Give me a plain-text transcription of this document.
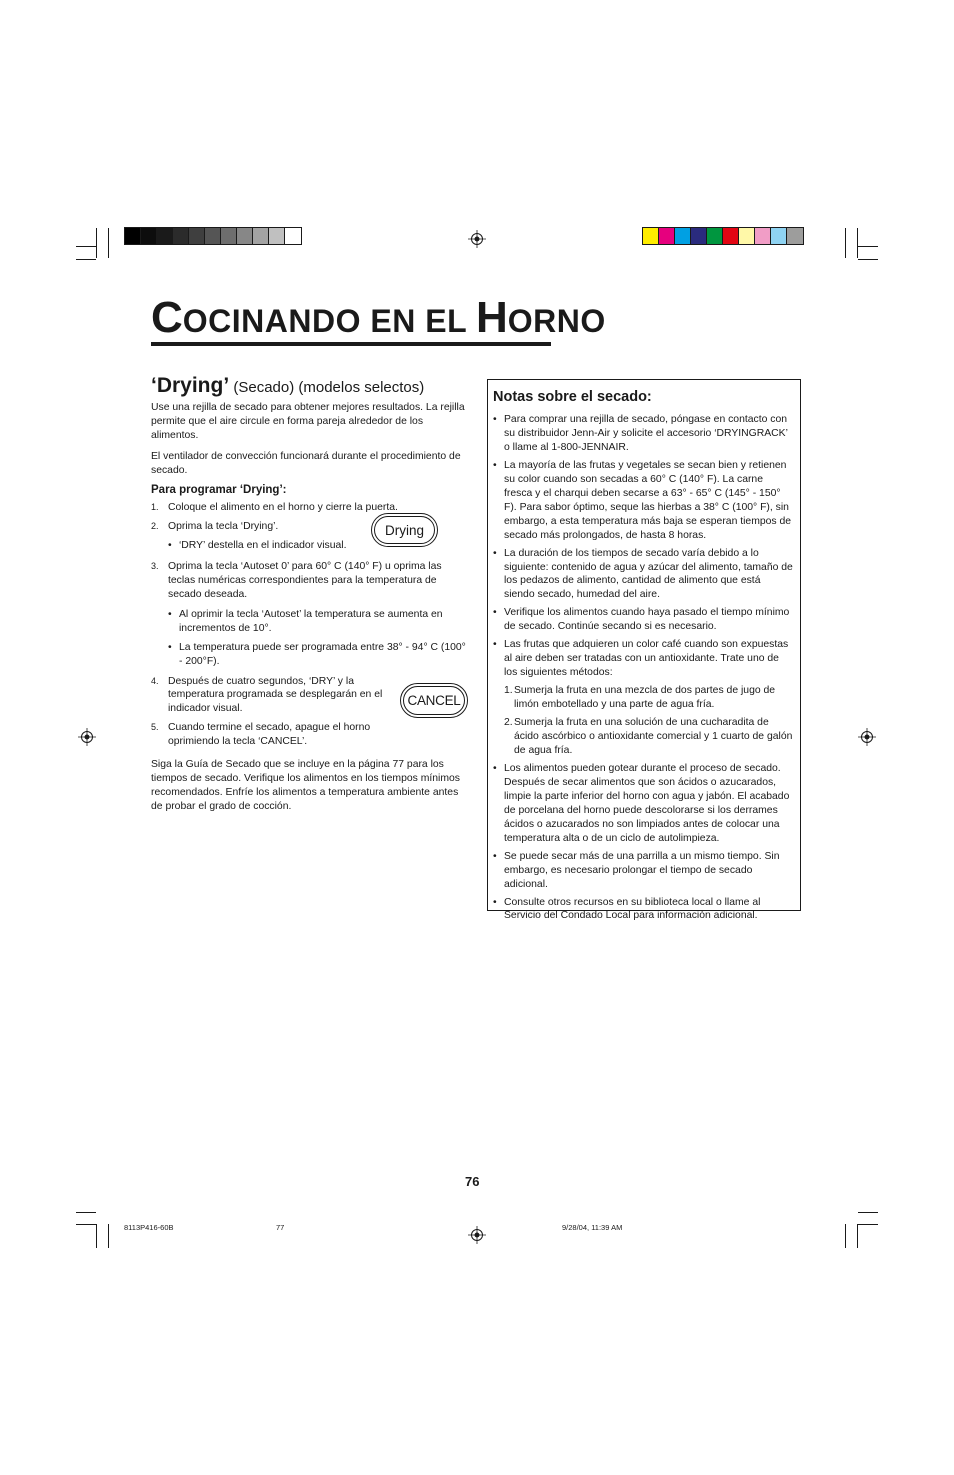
COCINANDO EN EL HORNO
‘Drying’ (Secado) (modelos selectos)

Use una rejilla de secado para obtener mejores resultados. La rejilla permite que el aire circule en forma pareja alrededor de los alimentos.

El ventilador de convección funcionará durante el procedimiento de secado.

Para programar ‘Drying’:
1. Coloque el alimento en el horno y cierre la puerta.
2. Oprima la tecla ‘Drying’.
• ‘DRY’ destella en el indicador visual.
3. Oprima la tecla ‘Autoset 0’ para 60° C (140° F) u oprima las teclas numéricas correspondientes para la temperatura de secado deseada.
• Al oprimir la tecla ‘Autoset’ la temperatura se aumenta en incrementos de 10°.
• La temperatura puede ser programada entre 38° - 94° C (100° - 200°F).
4. Después de cuatro segundos, ‘DRY’ y la temperatura programada se desplegarán en el indicador visual.
5. Cuando termine el secado, apague el horno oprimiendo la tecla ‘CANCEL’.

Siga la Guía de Secado que se incluye en la página 77 para los tiempos de secado. Verifique los alimentos en los tiempos mínimos recomendados. Enfríe los alimentos a temperatura ambiente antes de probar el grado de cocción.

Drying
CANCEL
Notas sobre el secado:
• Para comprar una rejilla de secado, póngase en contacto con su distribuidor Jenn-Air y solicite el accesorio ‘DRYINGRACK’ o llame al 1-800-JENNAIR.
• La mayoría de las frutas y vegetales se secan bien y retienen su color cuando son secadas a 60° C (140° F). La carne fresca y el charqui deben secarse a 63° - 65° C (145° - 150° F). Para sabor óptimo, seque las hierbas a 38° C (100° F), sin embargo, a esta temperatura más baja se esperan tiempos de secado más prolongados, de hasta 8 horas.
• La duración de los tiempos de secado varía debido a lo siguiente: contenido de agua y azúcar del alimento, tamaño de los pedazos de alimento, cantidad de alimento que está siendo secado, humedad del aire.
• Verifique los alimentos cuando haya pasado el tiempo mínimo de secado. Continúe secando si es necesario.
• Las frutas que adquieren un color café cuando son expuestas al aire deben ser tratadas con un antioxidante. Trate uno de los siguientes métodos:
1. Sumerja la fruta en una mezcla de dos partes de jugo de limón embotellado y una parte de agua fría.
2. Sumerja la fruta en una solución de una cucharadita de ácido ascórbico o antioxidante comercial y 1 cuarto de galón de agua fría.
• Los alimentos pueden gotear durante el proceso de secado. Después de secar alimentos que son ácidos o azucarados, limpie la parte inferior del horno con agua y jabón. El acabado de porcelana del horno puede descolorarse si los derrames ácidos o azucarados no son limpiados antes de colocar una temperatura alta o de un ciclo de autolimpieza.
• Se puede secar más de una parrilla a un mismo tiempo. Sin embargo, es necesario prolongar el tiempo de secado adicional.
• Consulte otros recursos en su biblioteca local o llame al Servicio del Condado Local para información adicional.
76
8113P416-60B	77	9/28/04, 11:39 AM
